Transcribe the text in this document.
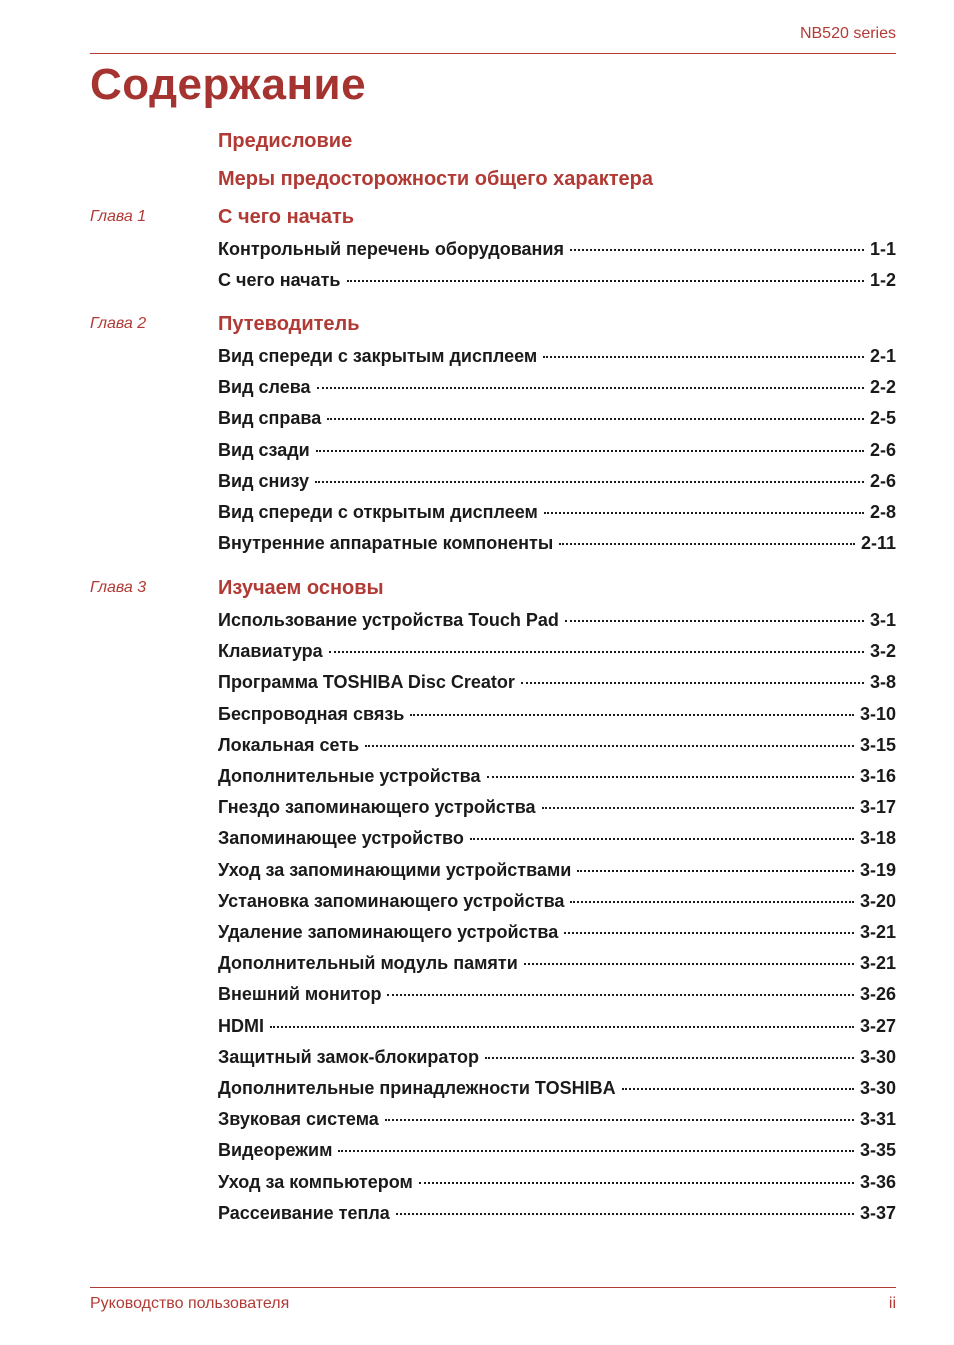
NB520 series
Содержание
Предисловие
Меры предосторожности общего характера
Глава 1	С чего начать
Контрольный перечень оборудования	1-1
С чего начать	1-2
Глава 2	Путеводитель
Вид спереди с закрытым дисплеем	2-1
Вид слева	2-2
Вид справа	2-5
Вид сзади	2-6
Вид снизу	2-6
Вид спереди с открытым дисплеем	2-8
Внутренние аппаратные компоненты	2-11
Глава 3	Изучаем основы
Использование устройства Touch Pad	3-1
Клавиатура	3-2
Программа TOSHIBA Disc Creator	3-8
Беспроводная связь	3-10
Локальная сеть	3-15
Дополнительные устройства	3-16
Гнездо запоминающего устройства	3-17
Запоминающее устройство	3-18
Уход за запоминающими устройствами	3-19
Установка запоминающего устройства	3-20
Удаление запоминающего устройства	3-21
Дополнительный модуль памяти	3-21
Внешний монитор	3-26
HDMI	3-27
Защитный замок-блокиратор	3-30
Дополнительные принадлежности TOSHIBA	3-30
Звуковая система	3-31
Видеорежим	3-35
Уход за компьютером	3-36
Рассеивание тепла	3-37
Руководство пользователя	ii
